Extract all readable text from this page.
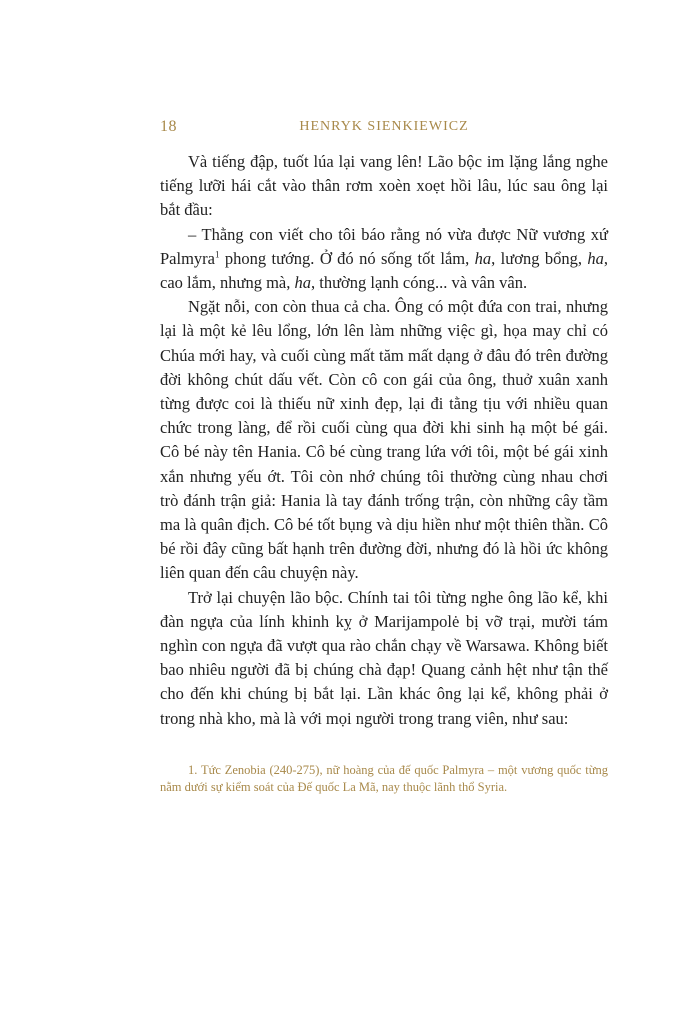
18	HENRYK SIENKIEWICZ

Và tiếng đập, tuốt lúa lại vang lên! Lão bộc im lặng lắng nghe tiếng lưỡi hái cắt vào thân rơm xoèn xoẹt hồi lâu, lúc sau ông lại bắt đầu:

– Thằng con viết cho tôi báo rằng nó vừa được Nữ vương xứ Palmyra$^1$ phong tướng. Ở đó nó sống tốt lắm, ha, lương bổng, ha, cao lắm, nhưng mà, ha, thường lạnh cóng... và vân vân.

Ngặt nỗi, con còn thua cả cha. Ông có một đứa con trai, nhưng lại là một kẻ lêu lổng, lớn lên làm những việc gì, họa may chỉ có Chúa mới hay, và cuối cùng mất tăm mất dạng ở đâu đó trên đường đời không chút dấu vết. Còn cô con gái của ông, thuở xuân xanh từng được coi là thiếu nữ xinh đẹp, lại đi tằng tịu với nhiều quan chức trong làng, để rồi cuối cùng qua đời khi sinh hạ một bé gái. Cô bé này tên Hania. Cô bé cùng trang lứa với tôi, một bé gái xinh xắn nhưng yếu ớt. Tôi còn nhớ chúng tôi thường cùng nhau chơi trò đánh trận giả: Hania là tay đánh trống trận, còn những cây tầm ma là quân địch. Cô bé tốt bụng và dịu hiền như một thiên thần. Cô bé rồi đây cũng bất hạnh trên đường đời, nhưng đó là hồi ức không liên quan đến câu chuyện này.

Trở lại chuyện lão bộc. Chính tai tôi từng nghe ông lão kể, khi đàn ngựa của lính khinh kỵ ở Marijampolė bị vỡ trại, mười tám nghìn con ngựa đã vượt qua rào chắn chạy về Warsawa. Không biết bao nhiêu người đã bị chúng chà đạp! Quang cảnh hệt như tận thế cho đến khi chúng bị bắt lại. Lần khác ông lại kể, không phải ở trong nhà kho, mà là với mọi người trong trang viên, như sau:

1. Tức Zenobia (240-275), nữ hoàng của đế quốc Palmyra – một vương quốc từng nằm dưới sự kiểm soát của Đế quốc La Mã, nay thuộc lãnh thổ Syria.
